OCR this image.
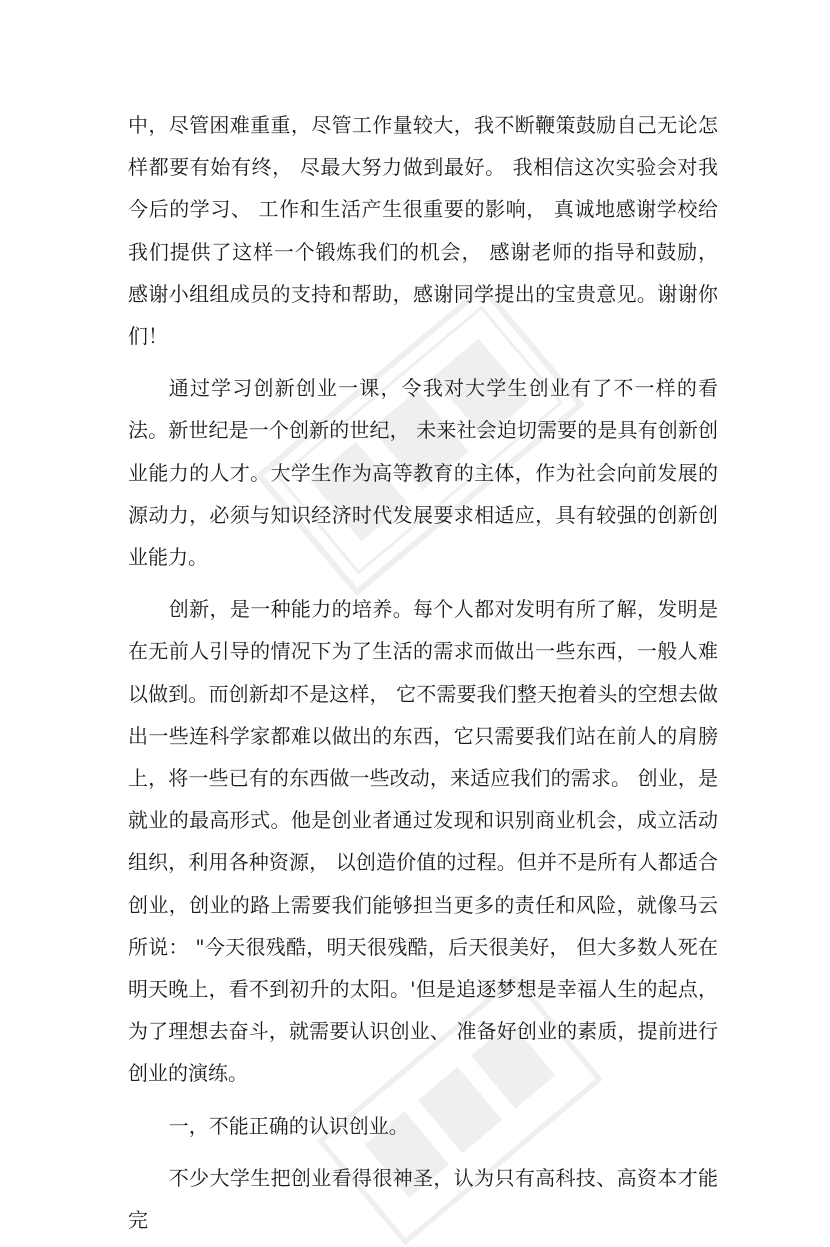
中，尽管困难重重，尽管工作量较大，我不断鞭策鼓励自己无论怎样都要有始有终， 尽最大努力做到最好。 我相信这次实验会对我今后的学习、 工作和生活产生很重要的影响， 真诚地感谢学校给我们提供了这样一个锻炼我们的机会， 感谢老师的指导和鼓励， 感谢小组组成员的支持和帮助，感谢同学提出的宝贵意见。谢谢你们！

通过学习创新创业一课，令我对大学生创业有了不一样的看法。新世纪是一个创新的世纪， 未来社会迫切需要的是具有创新创业能力的人才。大学生作为高等教育的主体，作为社会向前发展的源动力，必须与知识经济时代发展要求相适应，具有较强的创新创业能力。

创新，是一种能力的培养。每个人都对发明有所了解，发明是在无前人引导的情况下为了生活的需求而做出一些东西，一般人难以做到。而创新却不是这样， 它不需要我们整天抱着头的空想去做出一些连科学家都难以做出的东西，它只需要我们站在前人的肩膀上，将一些已有的东西做一些改动，来适应我们的需求。 创业，是就业的最高形式。他是创业者通过发现和识别商业机会，成立活动组织，利用各种资源， 以创造价值的过程。但并不是所有人都适合创业，创业的路上需要我们能够担当更多的责任和风险，就像马云所说： "今天很残酷，明天很残酷，后天很美好， 但大多数人死在明天晚上，看不到初升的太阳。'但是追逐梦想是幸福人生的起点，为了理想去奋斗，就需要认识创业、 准备好创业的素质，提前进行创业的演练。

一，不能正确的认识创业。

不少大学生把创业看得很神圣，认为只有高科技、高资本才能完
